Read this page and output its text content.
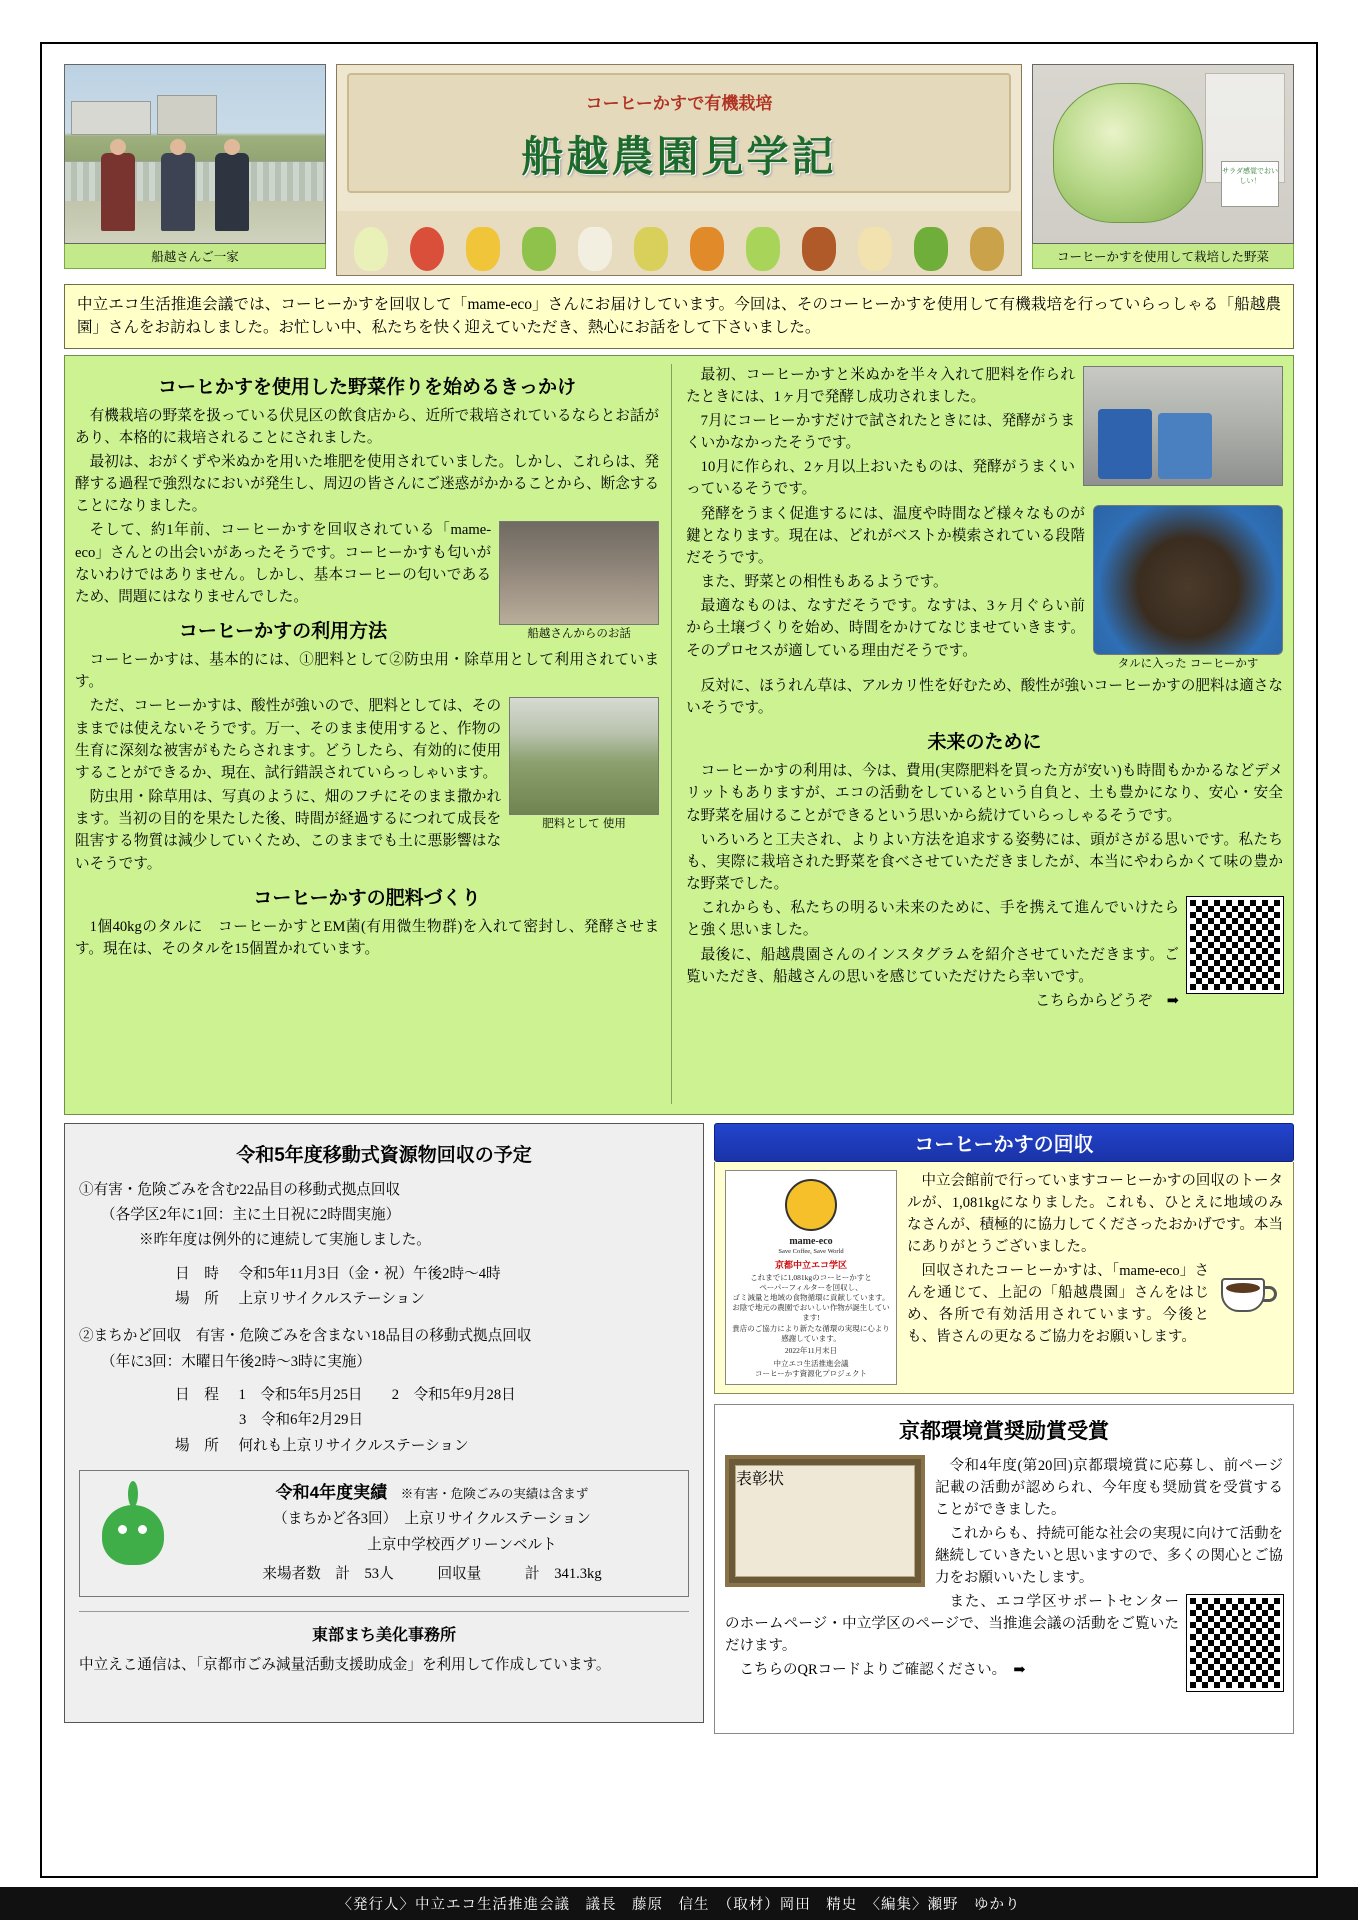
船越さんご一家
コーヒーかすで有機栽培
船越農園見学記	サラダ感覚でおいしい！
コーヒーかすを使用して栽培した野菜
中立エコ生活推進会議では、コーヒーかすを回収して「mame-eco」さんにお届けしています。今回は、そのコーヒーかすを使用して有機栽培を行っていらっしゃる「船越農園」さんをお訪ねしました。お忙しい中、私たちを快く迎えていただき、熱心にお話をして下さいました。
コーヒかすを使用した野菜作りを始めるきっかけ

有機栽培の野菜を扱っている伏見区の飲食店から、近所で栽培されているならとお話があり、本格的に栽培されることにされました。

最初は、おがくずや米ぬかを用いた堆肥を使用されていました。しかし、これらは、発酵する過程で強烈なにおいが発生し、周辺の皆さんにご迷惑がかかることから、断念することになりました。

船越さんからのお話

そして、約1年前、コーヒーかすを回収されている「mame-eco」さんとの出会いがあったそうです。コーヒーかすも匂いがないわけではありません。しかし、基本コーヒーの匂いであるため、問題にはなりませんでした。

コーヒーかすの利用方法

コーヒーかすは、基本的には、①肥料として②防虫用・除草用として利用されています。

肥料として 使用

ただ、コーヒーかすは、酸性が強いので、肥料としては、そのままでは使えないそうです。万一、そのまま使用すると、作物の生育に深刻な被害がもたらされます。どうしたら、有効的に使用することができるか、現在、試行錯誤されていらっしゃいます。

防虫用・除草用は、写真のように、畑のフチにそのまま撒かれます。当初の目的を果たした後、時間が経過するにつれて成長を阻害する物質は減少していくため、このままでも土に悪影響はないそうです。

コーヒーかすの肥料づくり

1個40kgのタルに　コーヒーかすとEM菌(有用微生物群)を入れて密封し、発酵させます。現在は、そのタルを15個置かれています。

最初、コーヒーかすと米ぬかを半々入れて肥料を作られたときには、1ヶ月で発酵し成功されました。

7月にコーヒーかすだけで試されたときには、発酵がうまくいかなかったそうです。

10月に作られ、2ヶ月以上おいたものは、発酵がうまくいっているそうです。

タルに入った コーヒーかす

発酵をうまく促進するには、温度や時間など様々なものが鍵となります。現在は、どれがベストか模索されている段階だそうです。

また、野菜との相性もあるようです。

最適なものは、なすだそうです。なすは、3ヶ月ぐらい前から土壌づくりを始め、時間をかけてなじませていきます。そのプロセスが適している理由だそうです。

反対に、ほうれん草は、アルカリ性を好むため、酸性が強いコーヒーかすの肥料は適さないそうです。

未来のために

コーヒーかすの利用は、今は、費用(実際肥料を買った方が安い)も時間もかかるなどデメリットもありますが、エコの活動をしているという自負と、土も豊かになり、安心・安全な野菜を届けることができるという思いから続けていらっしゃるそうです。

いろいろと工夫され、よりよい方法を追求する姿勢には、頭がさがる思いです。私たちも、実際に栽培された野菜を食べさせていただきましたが、本当にやわらかくて味の豊かな野菜でした。

これからも、私たちの明るい未来のために、手を携えて進んでいけたらと強く思いました。

最後に、船越農園さんのインスタグラムを紹介させていただきます。ご覧いただき、船越さんの思いを感じていただけたら幸いです。

こちらからどうぞ　➡

令和5年度移動式資源物回収の予定

①有害・危険ごみを含む22品目の移動式拠点回収

（各学区2年に1回：主に土日祝に2時間実施）

※昨年度は例外的に連続して実施しました。

日　時 令和5年11月3日（金・祝）午後2時～4時

場　所 上京リサイクルステーション

②まちかど回収　有害・危険ごみを含まない18品目の移動式拠点回収

（年に3回：木曜日午後2時～3時に実施）

日　程 1　令和5年5月25日　　2　令和5年9月28日

3　令和6年2月29日

場　所 何れも上京リサイクルステーション

令和4年度実績 ※有害・危険ごみの実績は含まず

（まちかど各3回）　上京リサイクルステーション

上京中学校西グリーンベルト

来場者数　計　53人　　　回収量　　　計　341.3kg

東部まち美化事務所

中立えこ通信は、「京都市ごみ減量活動支援助成金」を利用して作成しています。

コーヒーかすの回収
mame-eco
Save Coffee, Save World
京都中立エコ学区
これまでに1,081kgのコーヒーかすと
ペーパーフィルターを回収し、
ゴミ減量と地域の食物循環に貢献しています。
お陰で地元の農園でおいしい作物が誕生しています!
貴店のご協力により新たな循環の実現に心より感謝しています。
2022年11月末日
中立エコ生活推進会議
コーヒーかす資源化プロジェクト

中立会館前で行っていますコーヒーかすの回収のトータルが、1,081kgになりました。これも、ひとえに地域のみなさんが、積極的に協力してくださったおかげです。本当にありがとうございました。

回収されたコーヒーかすは、「mame-eco」さんを通じて、上記の「船越農園」さんをはじめ、各所で有効活用されています。今後とも、皆さんの更なるご協力をお願いします。

京都環境賞奨励賞受賞
表彰状

令和4年度(第20回)京都環境賞に応募し、前ページ記載の活動が認められ、今年度も奨励賞を受賞することができました。

これからも、持続可能な社会の実現に向けて活動を継続していきたいと思いますので、多くの関心とご協力をお願いいたします。

また、エコ学区サポートセンターのホームページ・中立学区のページで、当推進会議の活動をご覧いただけます。

こちらのQRコードよりご確認ください。　➡

〈発行人〉中立エコ生活推進会議　議長　藤原　信生　（取材）岡田　精史　〈編集〉瀬野　ゆかり
